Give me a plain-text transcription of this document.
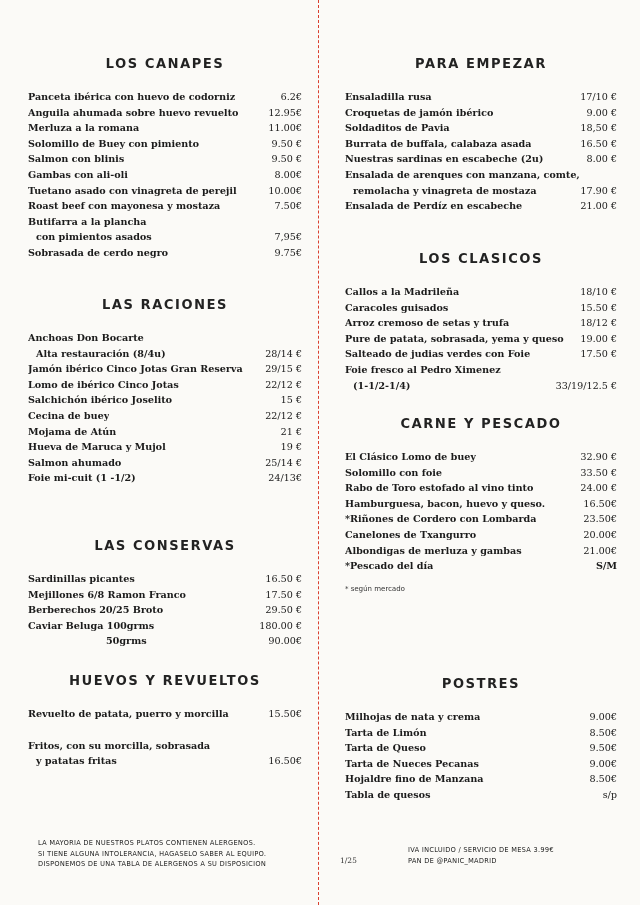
LOS CANAPES
Panceta ibérica con huevo de codorniz	6.2€
Anguila ahumada sobre huevo revuelto	12.95€
Merluza a la romana	11.00€
Solomillo de Buey con pimiento	9.50 €
Salmon con blinis	9.50 €
Gambas con ali-oli	8.00€
Tuetano asado con vinagreta de perejil	10.00€
Roast beef con mayonesa y mostaza	7.50€
Butifarra a la plancha
con pimientos asados	7,95€
Sobrasada de cerdo negro	9.75€
LAS RACIONES
Anchoas Don Bocarte
Alta restauración (8/4u)	28/14 €
Jamón ibérico Cinco Jotas Gran Reserva	29/15 €
Lomo de ibérico Cinco Jotas	22/12 €
Salchichón ibérico Joselito	15 €
Cecina de buey	22/12 €
Mojama de Atún	21 €
Hueva de Maruca y Mujol	19 €
Salmon ahumado	25/14 €
Foie mi-cuit (1 -1/2)	24/13€
LAS CONSERVAS
Sardinillas picantes	16.50 €
Mejillones 6/8 Ramon Franco	17.50 €
Berberechos 20/25 Broto	29.50 €
Caviar Beluga 100grms	180.00 €
50grms	90.00€
HUEVOS Y REVUELTOS
Revuelto de patata, puerro y morcilla	15.50€
Fritos, con su morcilla, sobrasada
y patatas fritas	16.50€
PARA EMPEZAR
Ensaladilla rusa	17/10 €
Croquetas de jamón ibérico	9.00 €
Soldaditos de Pavia	18,50 €
Burrata de buffala, calabaza asada	16.50 €
Nuestras sardinas en escabeche (2u)	8.00 €
Ensalada de arenques con manzana, comte,
remolacha y vinagreta de mostaza	17.90 €
Ensalada de Perdíz en escabeche	21.00 €
LOS CLASICOS
Callos a la Madrileña	18/10 €
Caracoles guisados	15.50 €
Arroz cremoso de setas y trufa	18/12 €
Pure de patata, sobrasada, yema y queso	19.00 €
Salteado de judias verdes con Foie	17.50 €
Foie fresco al Pedro Ximenez
(1-1/2-1/4)	33/19/12.5 €
CARNE Y PESCADO
El Clásico Lomo de buey	32.90 €
Solomillo con foie	33.50 €
Rabo de Toro estofado al vino tinto	24.00 €
Hamburguesa, bacon, huevo y queso.	16.50€
*Riñones de Cordero con Lombarda	23.50€
Canelones de Txangurro	20.00€
Albondigas de merluza y gambas	21.00€
*Pescado del día	S/M
* según mercado
POSTRES
Milhojas de nata y crema	9.00€
Tarta de Limón	8.50€
Tarta de Queso	9.50€
Tarta de Nueces Pecanas	9.00€
Hojaldre fino de Manzana	8.50€
Tabla de quesos	s/p
LA MAYORIA DE NUESTROS PLATOS CONTIENEN ALERGENOS.
SI TIENE ALGUNA INTOLERANCIA, HAGASELO SABER AL EQUIPO.
DISPONEMOS DE UNA TABLA DE ALERGENOS A SU DISPOSICION	1/25
IVA INCLUIDO / SERVICIO DE MESA 3.99€
PAN DE @PANIC_MADRID
